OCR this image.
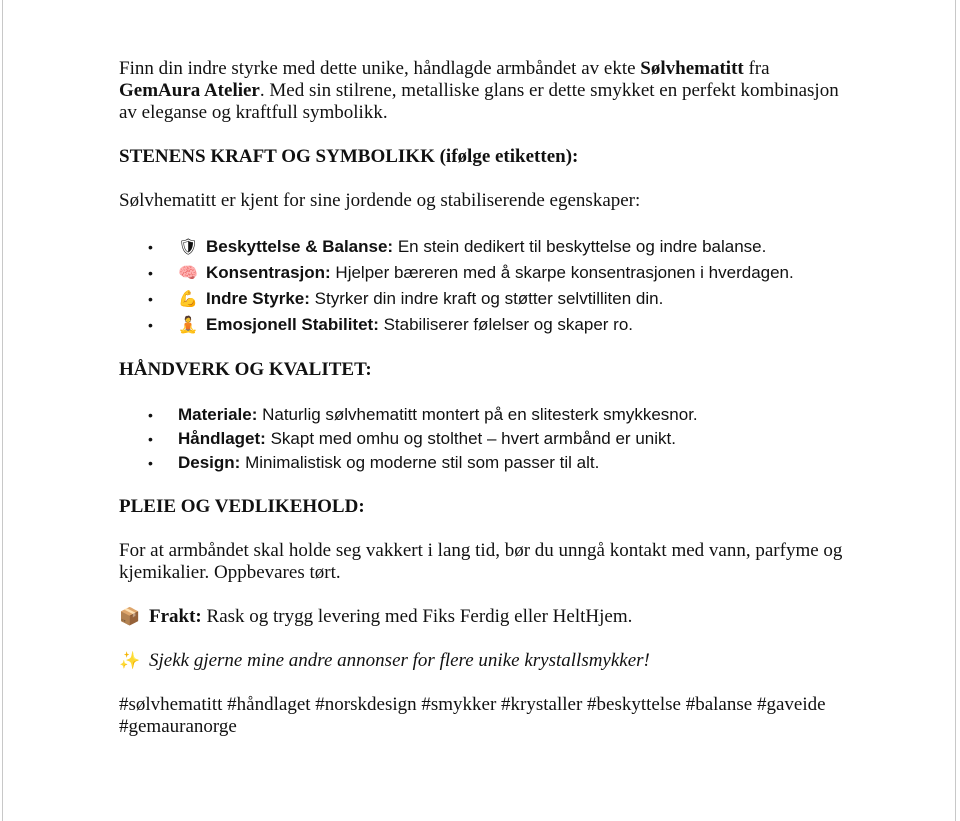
Finn din indre styrke med dette unike, håndlagde armbåndet av ekte Sølvhematitt fra GemAura Atelier. Med sin stilrene, metalliske glans er dette smykket en perfekt kombinasjon av eleganse og kraftfull symbolikk.

STENENS KRAFT OG SYMBOLIKK (ifølge etiketten):

Sølvhematitt er kjent for sine jordende og stabiliserende egenskaper:

• 🛡 Beskyttelse & Balanse: En stein dedikert til beskyttelse og indre balanse.
• 🧠 Konsentrasjon: Hjelper bæreren med å skarpe konsentrasjonen i hverdagen.
• 💪 Indre Styrke: Styrker din indre kraft og støtter selvtilliten din.
• 🧘 Emosjonell Stabilitet: Stabiliserer følelser og skaper ro.

HÅNDVERK OG KVALITET:

• Materiale: Naturlig sølvhematitt montert på en slitesterk smykkesnor.
• Håndlaget: Skapt med omhu og stolthet – hvert armbånd er unikt.
• Design: Minimalistisk og moderne stil som passer til alt.

PLEIE OG VEDLIKEHOLD:

For at armbåndet skal holde seg vakkert i lang tid, bør du unngå kontakt med vann, parfyme og kjemikalier. Oppbevares tørt.

📦 Frakt: Rask og trygg levering med Fiks Ferdig eller HeltHjem.

✨ Sjekk gjerne mine andre annonser for flere unike krystallsmykker!

#sølvhematitt #håndlaget #norskdesign #smykker #krystaller #beskyttelse #balanse #gaveide #gemauranorge
